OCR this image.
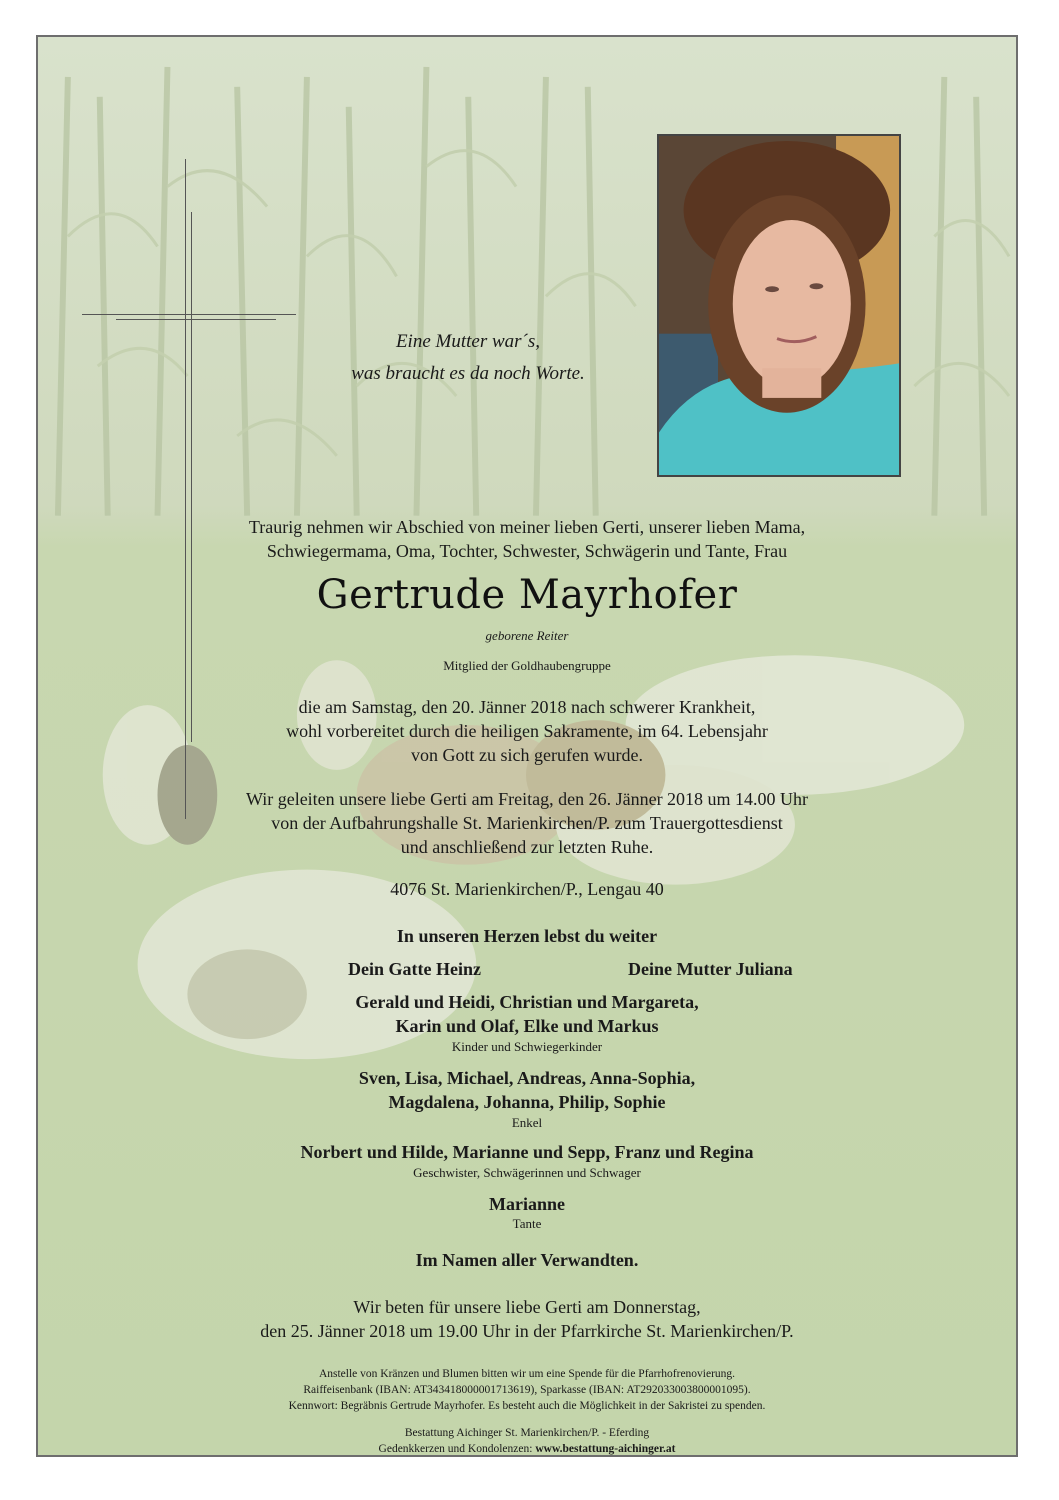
Eine Mutter war´s,
was braucht es da noch Worte.
Traurig nehmen wir Abschied von meiner lieben Gerti, unserer lieben Mama,
Schwiegermama, Oma, Tochter, Schwester, Schwägerin und Tante, Frau
Gertrude Mayrhofer
geborene Reiter
Mitglied der Goldhaubengruppe
die am Samstag, den 20. Jänner 2018 nach schwerer Krankheit,
wohl vorbereitet durch die heiligen Sakramente, im 64. Lebensjahr
von Gott zu sich gerufen wurde.
Wir geleiten unsere liebe Gerti am Freitag, den 26. Jänner 2018 um 14.00 Uhr
von der Aufbahrungshalle St. Marienkirchen/P. zum Trauergottesdienst
und anschließend zur letzten Ruhe.
4076 St. Marienkirchen/P., Lengau 40
In unseren Herzen lebst du weiter
Dein Gatte Heinz	Deine Mutter Juliana
Gerald und Heidi, Christian und Margareta,
Karin und Olaf, Elke und Markus
Kinder und Schwiegerkinder
Sven, Lisa, Michael, Andreas, Anna-Sophia,
Magdalena, Johanna, Philip, Sophie
Enkel
Norbert und Hilde, Marianne und Sepp, Franz und Regina
Geschwister, Schwägerinnen und Schwager
Marianne
Tante
Im Namen aller Verwandten.
Wir beten für unsere liebe Gerti am Donnerstag,
den 25. Jänner 2018 um 19.00 Uhr in der Pfarrkirche St. Marienkirchen/P.
Anstelle von Kränzen und Blumen bitten wir um eine Spende für die Pfarrhofrenovierung.
Raiffeisenbank (IBAN: AT343418000001713619), Sparkasse (IBAN: AT292033003800001095).
Kennwort: Begräbnis Gertrude Mayrhofer. Es besteht auch die Möglichkeit in der Sakristei zu spenden.
Bestattung Aichinger St. Marienkirchen/P. - Eferding
Gedenkkerzen und Kondolenzen: www.bestattung-aichinger.at
